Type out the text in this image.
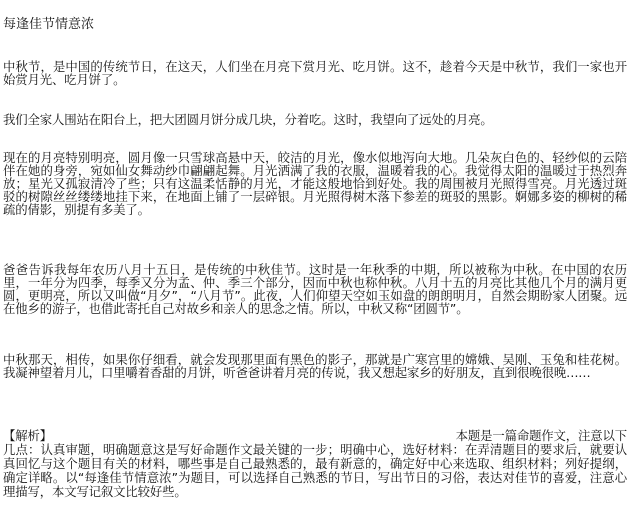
每逢佳节情意浓
中秋节，是中国的传统节日，在这天，人们坐在月亮下赏月光、吃月饼。这不，趁着今天是中秋节，我们一家也开始赏月光、吃月饼了。
我们全家人围站在阳台上，把大团圆月饼分成几块，分着吃。这时，我望向了远处的月亮。
现在的月亮特别明亮，圆月像一只雪球高悬中天，皎洁的月光，像水似地泻向大地。几朵灰白色的、轻纱似的云陪伴在她的身旁，宛如仙女舞动纱巾翩翩起舞。月光洒满了我的衣服，温暖着我的心。我觉得太阳的温暖过于热烈奔放；星光又孤寂清冷了些；只有这温柔恬静的月光，才能这般地恰到好处。我的周围被月光照得雪亮。月光透过斑驳的树隙丝丝缕缕地挂下来，在地面上铺了一层碎银。月光照得树木落下参差的斑驳的黑影。婀娜多姿的柳树的稀疏的倩影，别提有多美了。
爸爸告诉我每年农历八月十五日，是传统的中秋佳节。这时是一年秋季的中期，所以被称为中秋。在中国的农历里，一年分为四季，每季又分为孟、仲、季三个部分，因而中秋也称仲秋。八月十五的月亮比其他几个月的满月更圆，更明亮，所以又叫做“月夕”，“八月节”。此夜，人们仰望天空如玉如盘的朗朗明月，自然会期盼家人团聚。远在他乡的游子，也借此寄托自己对故乡和亲人的思念之情。所以，中秋又称“团圆节”。
中秋那天，相传，如果你仔细看，就会发现那里面有黑色的影子，那就是广寒宫里的嫦娥、吴刚、玉兔和桂花树。我凝神望着月儿，口里嚼着香甜的月饼，听爸爸讲着月亮的传说，我又想起家乡的好朋友，直到很晚很晚……
【解析】	本题是一篇命题作文，注意以下
几点：认真审题，明确题意这是写好命题作文最关键的一步；明确中心，选好材料：在弄清题目的要求后，就要认真回忆与这个题目有关的材料，哪些事是自己最熟悉的，最有新意的，确定好中心来选取、组织材料；列好提纲，确定详略。以“每逢佳节情意浓”为题目，可以选择自己熟悉的节日，写出节日的习俗，表达对佳节的喜爱，注意心理描写，本文写记叙文比较好些。
